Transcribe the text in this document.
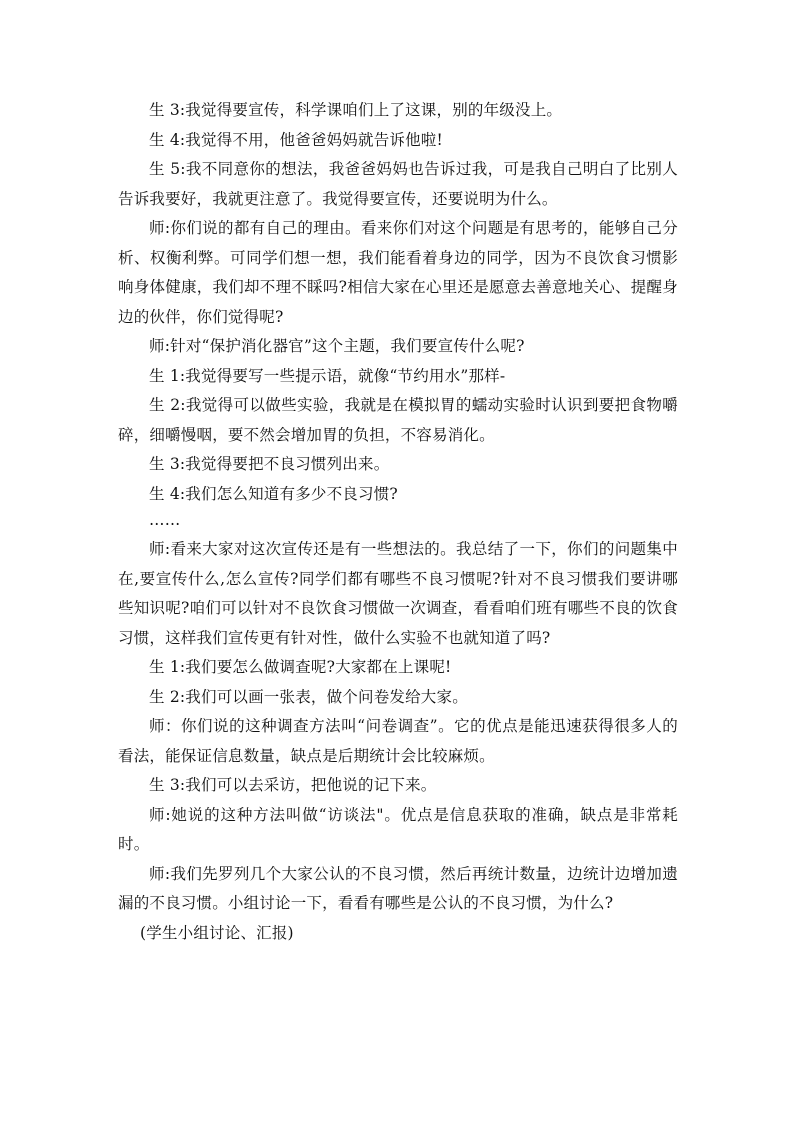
生 3:我觉得要宣传，科学课咱们上了这课，别的年级没上。

生 4:我觉得不用，他爸爸妈妈就告诉他啦!

生 5:我不同意你的想法，我爸爸妈妈也告诉过我，可是我自己明白了比别人告诉我要好，我就更注意了。我觉得要宣传，还要说明为什么。

师:你们说的都有自己的理由。看来你们对这个问题是有思考的，能够自己分析、权衡利弊。可同学们想一想，我们能看着身边的同学，因为不良饮食习惯影响身体健康，我们却不理不睬吗?相信大家在心里还是愿意去善意地关心、提醒身边的伙伴，你们觉得呢?

师:针对“保护消化器官”这个主题，我们要宣传什么呢?

生 1:我觉得要写一些提示语，就像“节约用水”那样-

生 2:我觉得可以做些实验，我就是在模拟胃的蠕动实验时认识到要把食物嚼碎，细嚼慢咽，要不然会增加胃的负担，不容易消化。

生 3:我觉得要把不良习惯列出来。

生 4:我们怎么知道有多少不良习惯?

……

师:看来大家对这次宣传还是有一些想法的。我总结了一下，你们的问题集中在,要宣传什么,怎么宣传?同学们都有哪些不良习惯呢?针对不良习惯我们要讲哪些知识呢?咱们可以针对不良饮食习惯做一次调查，看看咱们班有哪些不良的饮食习惯，这样我们宣传更有针对性，做什么实验不也就知道了吗?

生 1:我们要怎么做调查呢?大家都在上课呢!

生 2:我们可以画一张表，做个问卷发给大家。

师：你们说的这种调查方法叫“问卷调查”。它的优点是能迅速获得很多人的看法，能保证信息数量，缺点是后期统计会比较麻烦。

生 3:我们可以去采访，把他说的记下来。

师:她说的这种方法叫做“访谈法"。优点是信息获取的准确，缺点是非常耗时。

师:我们先罗列几个大家公认的不良习惯，然后再统计数量，边统计边增加遗漏的不良习惯。小组讨论一下，看看有哪些是公认的不良习惯，为什么?

(学生小组讨论、汇报)
